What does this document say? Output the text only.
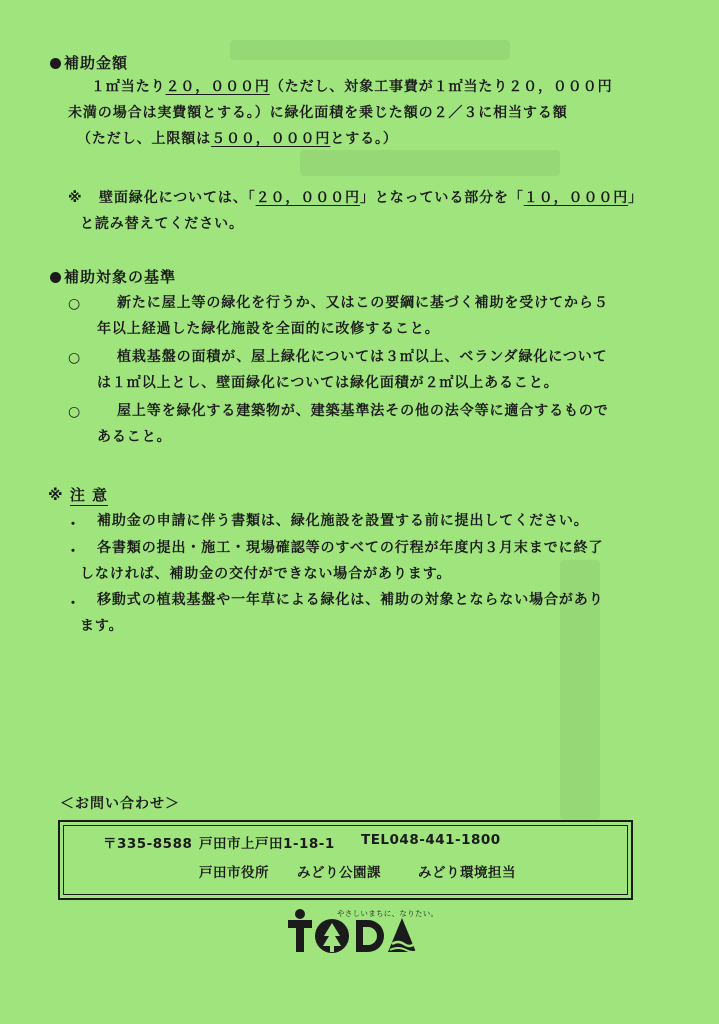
補助金額
１㎡当たり２０，０００円（ただし、対象工事費が１㎡当たり２０，０００円
未満の場合は実費額とする。）に緑化面積を乗じた額の２／３に相当する額
（ただし、上限額は５００，０００円とする。）
※ 壁面緑化については、「２０，０００円」となっている部分を「１０，０００円」
と読み替えてください。
補助対象の基準
○	新たに屋上等の緑化を行うか、又はこの要綱に基づく補助を受けてから５
年以上経過した緑化施設を全面的に改修すること。
○	植栽基盤の面積が、屋上緑化については３㎡以上、ベランダ緑化について
は１㎡以上とし、壁面緑化については緑化面積が２㎡以上あること。
○	屋上等を緑化する建築物が、建築基準法その他の法令等に適合するもので
あること。
※ 注 意
・ 補助金の申請に伴う書類は、緑化施設を設置する前に提出してください。
・ 各書類の提出・施工・現場確認等のすべての行程が年度内３月末までに終了
しなければ、補助金の交付ができない場合があります。
・ 移動式の植栽基盤や一年草による緑化は、補助の対象とならない場合があり
ます。
＜お問い合わせ＞
〒335-8588 戸田市上戸田1-18-1 TEL048-441-1800
戸田市役所 みどり公園課	みどり環境担当
やさしいまちに、なりたい。
